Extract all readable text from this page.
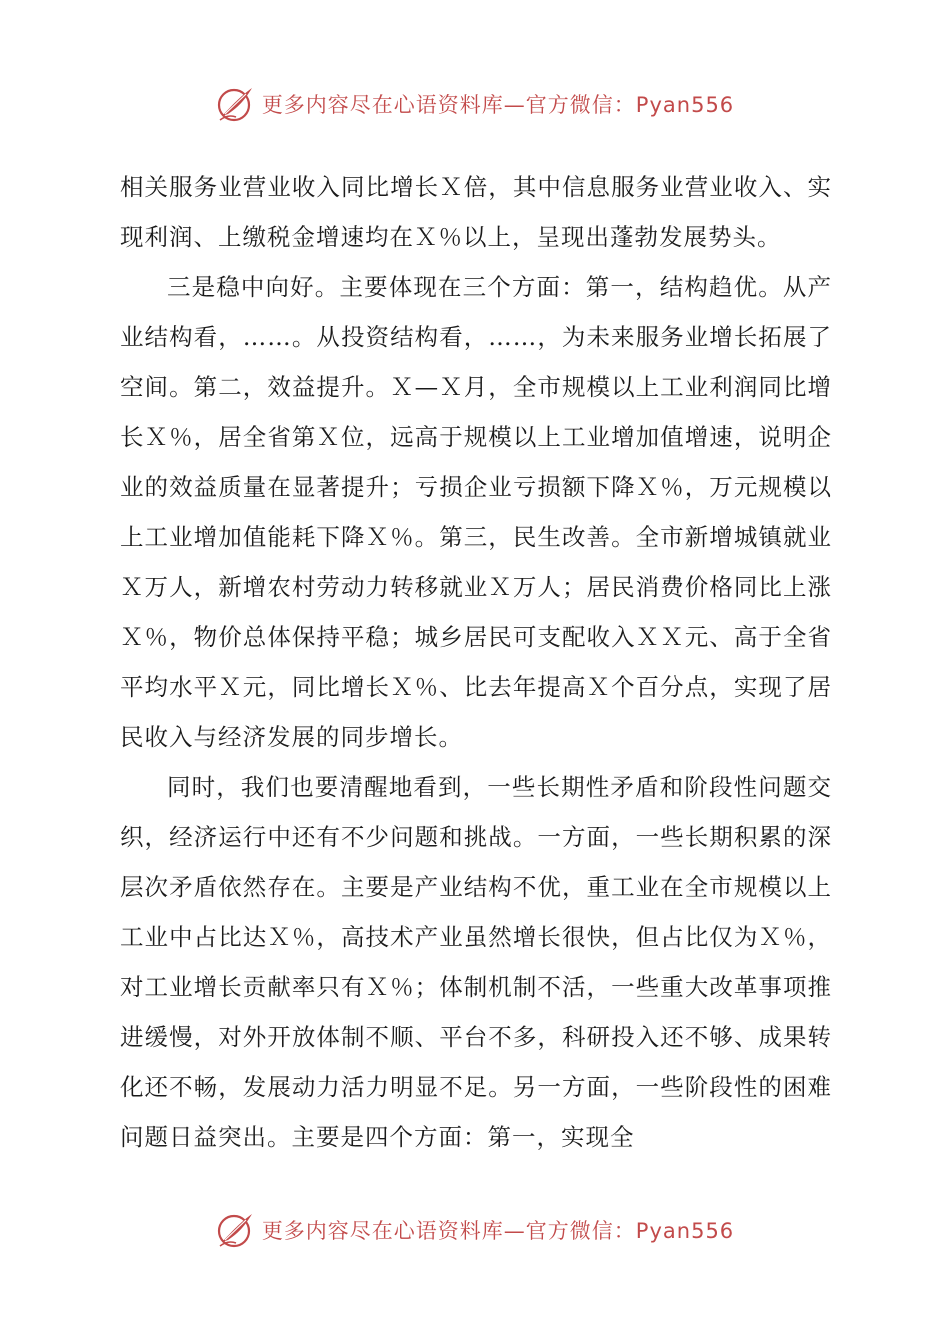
更多内容尽在心语资料库—官方微信：Pyan556

相关服务业营业收入同比增长Ｘ倍，其中信息服务业营业收入、实现利润、上缴税金增速均在Ｘ％以上，呈现出蓬勃发展势头。

三是稳中向好。主要体现在三个方面：第一，结构趋优。从产业结构看，……。从投资结构看，……，为未来服务业增长拓展了空间。第二，效益提升。Ｘ—Ｘ月，全市规模以上工业利润同比增长Ｘ％，居全省第Ｘ位，远高于规模以上工业增加值增速，说明企业的效益质量在显著提升；亏损企业亏损额下降Ｘ％，万元规模以上工业增加值能耗下降Ｘ％。第三，民生改善。全市新增城镇就业Ｘ万人，新增农村劳动力转移就业Ｘ万人；居民消费价格同比上涨Ｘ％，物价总体保持平稳；城乡居民可支配收入ＸＸ元、高于全省平均水平Ｘ元，同比增长Ｘ％、比去年提高Ｘ个百分点，实现了居民收入与经济发展的同步增长。

同时，我们也要清醒地看到，一些长期性矛盾和阶段性问题交织，经济运行中还有不少问题和挑战。一方面，一些长期积累的深层次矛盾依然存在。主要是产业结构不优，重工业在全市规模以上工业中占比达Ｘ％，高技术产业虽然增长很快，但占比仅为Ｘ％，对工业增长贡献率只有Ｘ％；体制机制不活，一些重大改革事项推进缓慢，对外开放体制不顺、平台不多，科研投入还不够、成果转化还不畅，发展动力活力明显不足。另一方面，一些阶段性的困难问题日益突出。主要是四个方面：第一，实现全

更多内容尽在心语资料库—官方微信：Pyan556
